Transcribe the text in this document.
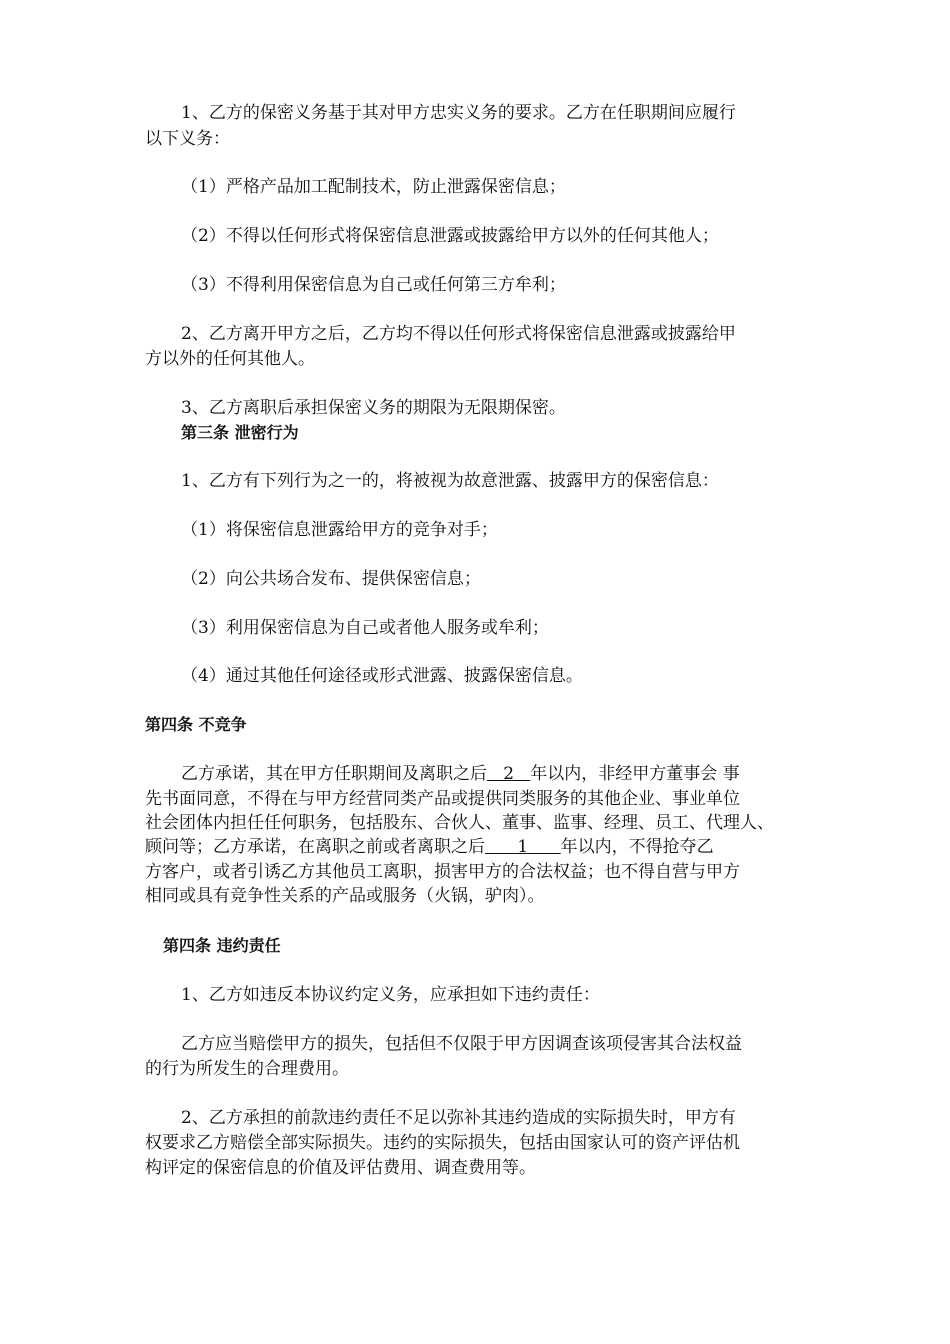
1、乙方的保密义务基于其对甲方忠实义务的要求。乙方在任职期间应履行
以下义务：
（1）严格产品加工配制技术，防止泄露保密信息；
（2）不得以任何形式将保密信息泄露或披露给甲方以外的任何其他人；
（3）不得利用保密信息为自己或任何第三方牟利；
2、乙方离开甲方之后，乙方均不得以任何形式将保密信息泄露或披露给甲
方以外的任何其他人。
3、乙方离职后承担保密义务的期限为无限期保密。
第三条 泄密行为
1、乙方有下列行为之一的，将被视为故意泄露、披露甲方的保密信息：
（1）将保密信息泄露给甲方的竞争对手；
（2）向公共场合发布、提供保密信息；
（3）利用保密信息为自己或者他人服务或牟利；
（4）通过其他任何途径或形式泄露、披露保密信息。
第四条 不竞争
乙方承诺，其在甲方任职期间及离职之后   2   年以内，非经甲方董事会 事
先书面同意，不得在与甲方经营同类产品或提供同类服务的其他企业、事业单位
社会团体内担任任何职务，包括股东、合伙人、董事、监事、经理、员工、代理人、
顾问等；乙方承诺，在离职之前或者离职之后      1      年以内，不得抢夺乙
方客户，或者引诱乙方其他员工离职，损害甲方的合法权益；也不得自营与甲方
相同或具有竞争性关系的产品或服务（火锅，驴肉）。
第四条 违约责任
1、乙方如违反本协议约定义务，应承担如下违约责任：
乙方应当赔偿甲方的损失，包括但不仅限于甲方因调查该项侵害其合法权益
的行为所发生的合理费用。
2、乙方承担的前款违约责任不足以弥补其违约造成的实际损失时，甲方有
权要求乙方赔偿全部实际损失。违约的实际损失，包括由国家认可的资产评估机
构评定的保密信息的价值及评估费用、调查费用等。
